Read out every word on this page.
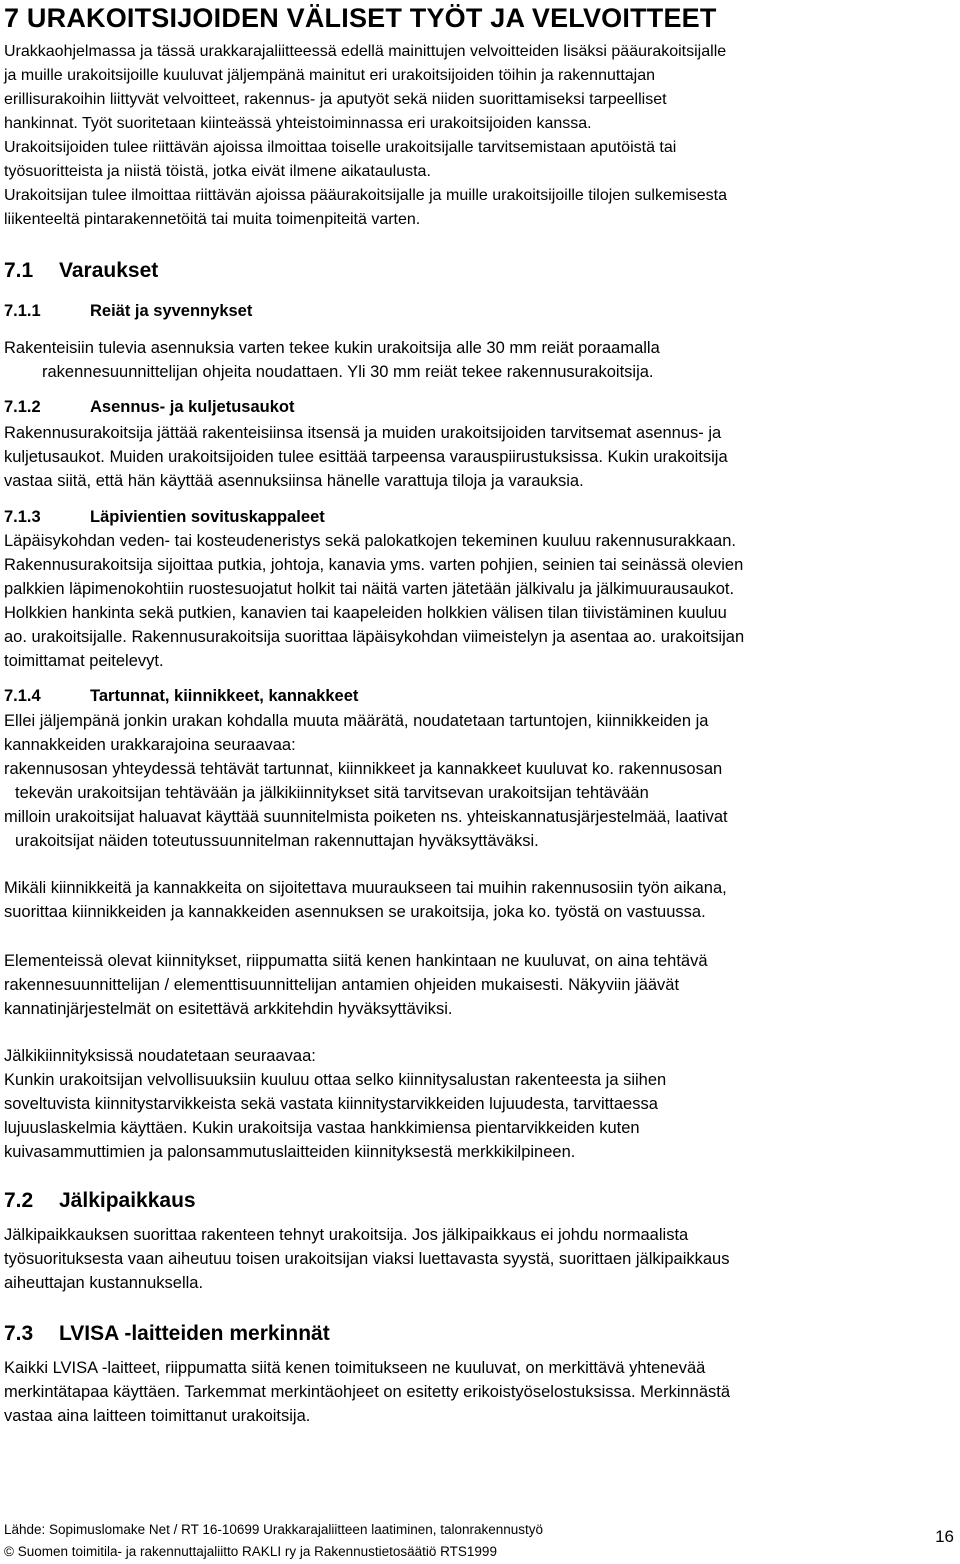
7 URAKOITSIJOIDEN VÄLISET TYÖT JA VELVOITTEET
Urakkaohjelmassa ja tässä urakkarajaliitteessä edellä mainittujen velvoitteiden lisäksi pääurakoitsijalle
ja muille urakoitsijoille kuuluvat jäljempänä mainitut eri urakoitsijoiden töihin ja rakennuttajan
erillisurakoihin liittyvät velvoitteet, rakennus- ja aputyöt sekä niiden suorittamiseksi tarpeelliset
hankinnat. Työt suoritetaan kiinteässä yhteistoiminnassa eri urakoitsijoiden kanssa.
Urakoitsijoiden tulee riittävän ajoissa ilmoittaa toiselle urakoitsijalle tarvitsemistaan aputöistä tai
työsuoritteista ja niistä töistä, jotka eivät ilmene aikataulusta.
Urakoitsijan tulee ilmoittaa riittävän ajoissa pääurakoitsijalle ja muille urakoitsijoille tilojen sulkemisesta
liikenteeltä pintarakennetöitä tai muita toimenpiteitä varten.
7.1 Varaukset
7.1.1	Reiät ja syvennykset
Rakenteisiin tulevia asennuksia varten tekee kukin urakoitsija alle 30 mm reiät poraamalla
rakennesuunnittelijan ohjeita noudattaen. Yli 30 mm reiät tekee rakennusurakoitsija.
7.1.2	Asennus- ja kuljetusaukot
Rakennusurakoitsija jättää rakenteisiinsa itsensä ja muiden urakoitsijoiden tarvitsemat asennus- ja
kuljetusaukot. Muiden urakoitsijoiden tulee esittää tarpeensa varauspiirustuksissa. Kukin urakoitsija
vastaa siitä, että hän käyttää asennuksiinsa hänelle varattuja tiloja ja varauksia.
7.1.3	Läpivientien sovituskappaleet
Läpäisykohdan veden- tai kosteudeneristys sekä palokatkojen tekeminen kuuluu rakennusurakkaan.
Rakennusurakoitsija sijoittaa putkia, johtoja, kanavia yms. varten pohjien, seinien tai seinässä olevien
palkkien läpimenokohtiin ruostesuojatut holkit tai näitä varten jätetään jälkivalu ja jälkimuurausaukot.
Holkkien hankinta sekä putkien, kanavien tai kaapeleiden holkkien välisen tilan tiivistäminen kuuluu
ao. urakoitsijalle. Rakennusurakoitsija suorittaa läpäisykohdan viimeistelyn ja asentaa ao. urakoitsijan
toimittamat peitelevyt.
7.1.4	Tartunnat, kiinnikkeet, kannakkeet
Ellei jäljempänä jonkin urakan kohdalla muuta määrätä, noudatetaan tartuntojen, kiinnikkeiden ja
kannakkeiden urakkarajoina seuraavaa:
rakennusosan yhteydessä tehtävät tartunnat, kiinnikkeet ja kannakkeet kuuluvat ko. rakennusosan
tekevän urakoitsijan tehtävään ja jälkikiinnitykset sitä tarvitsevan urakoitsijan tehtävään
milloin urakoitsijat haluavat käyttää suunnitelmista poiketen ns. yhteiskannatusjärjestelmää, laativat
urakoitsijat näiden toteutussuunnitelman rakennuttajan hyväksyttäväksi.
Mikäli kiinnikkeitä ja kannakkeita on sijoitettava muuraukseen tai muihin rakennusosiin työn aikana,
suorittaa kiinnikkeiden ja kannakkeiden asennuksen se urakoitsija, joka ko. työstä on vastuussa.
Elementeissä olevat kiinnitykset, riippumatta siitä kenen hankintaan ne kuuluvat, on aina tehtävä
rakennesuunnittelijan / elementtisuunnittelijan antamien ohjeiden mukaisesti. Näkyviin jäävät
kannatinjärjestelmät on esitettävä arkkitehdin hyväksyttäviksi.
Jälkikiinnityksissä noudatetaan seuraavaa:
Kunkin urakoitsijan velvollisuuksiin kuuluu ottaa selko kiinnitysalustan rakenteesta ja siihen
soveltuvista kiinnitystarvikkeista sekä vastata kiinnitystarvikkeiden lujuudesta, tarvittaessa
lujuuslaskelmia käyttäen. Kukin urakoitsija vastaa hankkimiensa pientarvikkeiden kuten
kuivasammuttimien ja palonsammutuslaitteiden kiinnityksestä merkkikilpineen.
7.2 Jälkipaikkaus
Jälkipaikkauksen suorittaa rakenteen tehnyt urakoitsija. Jos jälkipaikkaus ei johdu normaalista
työsuorituksesta vaan aiheutuu toisen urakoitsijan viaksi luettavasta syystä, suorittaen jälkipaikkaus
aiheuttajan kustannuksella.
7.3 LVISA -laitteiden merkinnät
Kaikki LVISA -laitteet, riippumatta siitä kenen toimitukseen ne kuuluvat, on merkittävä yhtenevää
merkintätapaa käyttäen. Tarkemmat merkintäohjeet on esitetty erikoistyöselostuksissa. Merkinnästä
vastaa aina laitteen toimittanut urakoitsija.
Lähde: Sopimuslomake Net / RT 16-10699 Urakkarajaliitteen laatiminen, talonrakennustyö
© Suomen toimitila- ja rakennuttajaliitto RAKLI ry ja Rakennustietosäätiö RTS1999
16
